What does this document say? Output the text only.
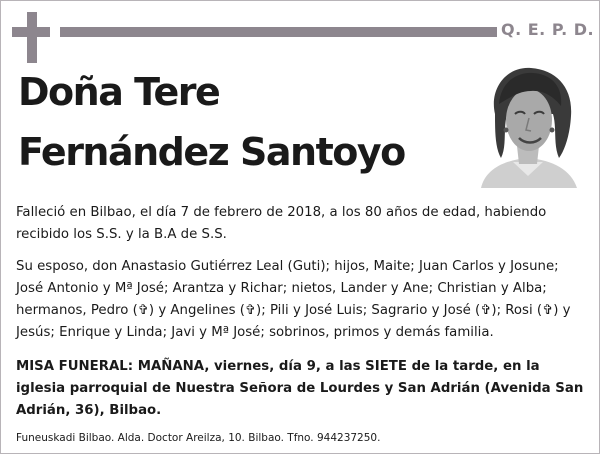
Q. E. P. D.
Doña Tere
Fernández Santoyo
Falleció en Bilbao, el día 7 de febrero de 2018, a los 80 años de edad, habiendo recibido los S.S. y la B.A de S.S.
Su esposo, don Anastasio Gutiérrez Leal (Guti); hijos, Maite; Juan Carlos y Josune; José Antonio y Mª José; Arantza y Richar; nietos, Lander y Ane; Christian y Alba; hermanos, Pedro (✞) y Angelines (✞); Pili y José Luis; Sagrario y José (✞); Rosi (✞) y Jesús; Enrique y Linda; Javi y Mª José; sobrinos, primos y demás familia.
MISA FUNERAL: MAÑANA, viernes, día 9, a las SIETE de la tarde, en la iglesia parroquial de Nuestra Señora de Lourdes y San Adrián (Avenida San Adrián, 36), Bilbao.
Funeuskadi Bilbao. Alda. Doctor Areilza, 10. Bilbao. Tfno. 944237250.
